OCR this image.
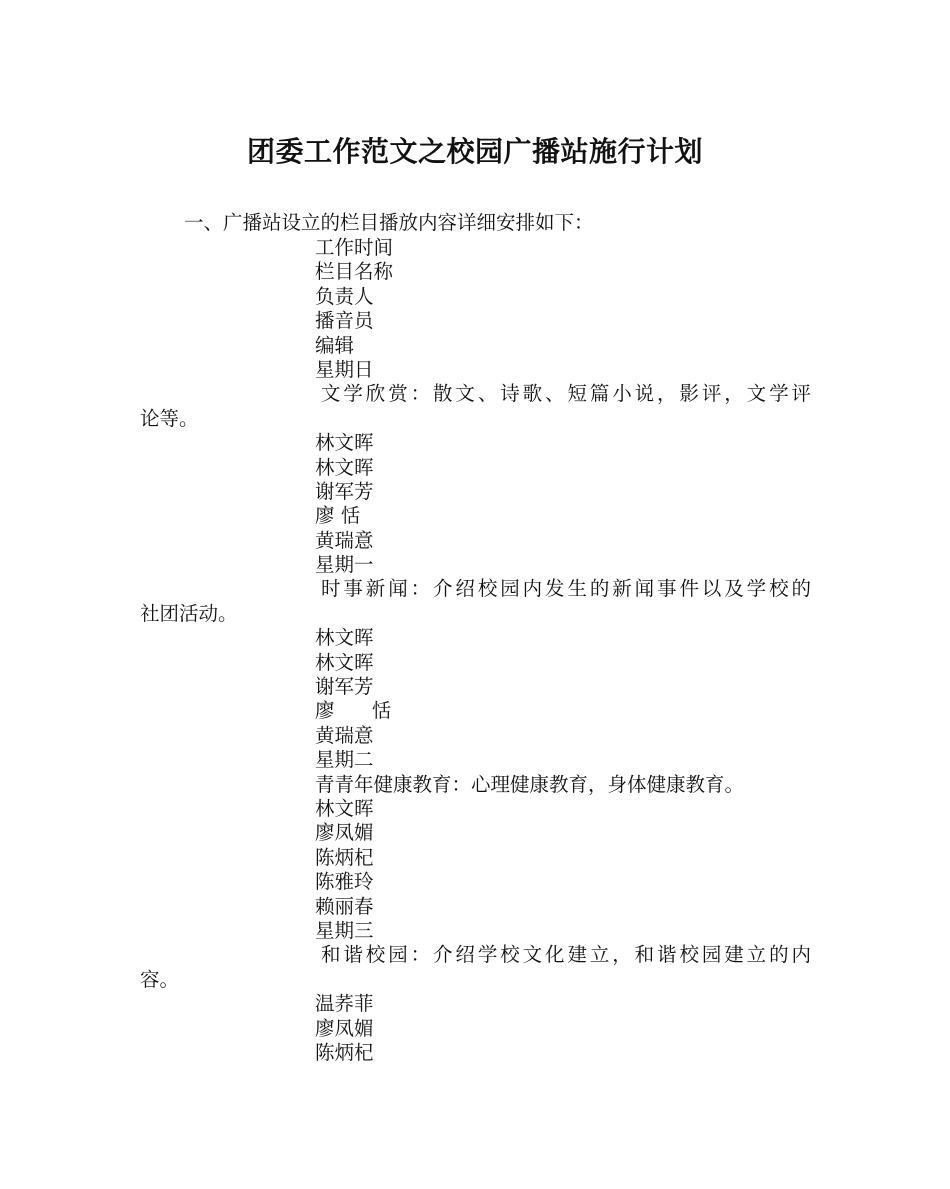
团委工作范文之校园广播站施行计划
一、广播站设立的栏目播放内容详细安排如下：
工作时间
栏目名称
负责人
播音员
编辑
星期日
文学欣赏：散文、诗歌、短篇小说，影评，文学评
论等。
林文晖
林文晖
谢军芳
廖 恬
黄瑞意
星期一
时事新闻：介绍校园内发生的新闻事件以及学校的
社团活动。
林文晖
林文晖
谢军芳
廖      恬
黄瑞意
星期二
青青年健康教育：心理健康教育，身体健康教育。
林文晖
廖凤媚
陈炳杞
陈雅玲
赖丽春
星期三
和谐校园：介绍学校文化建立，和谐校园建立的内
容。
温荞菲
廖凤媚
陈炳杞
